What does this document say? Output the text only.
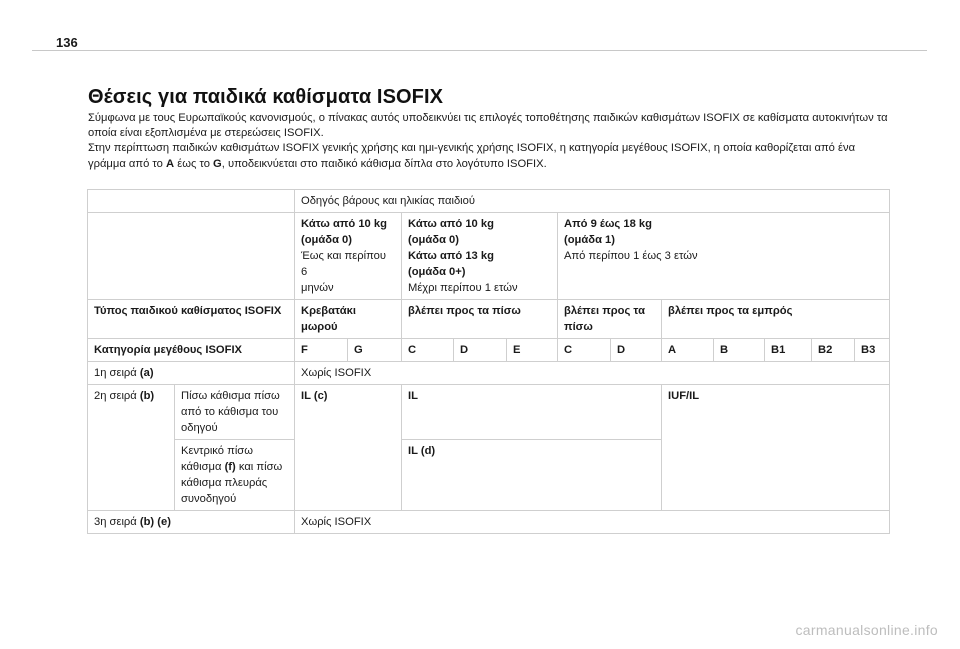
136
Θέσεις για παιδικά καθίσματα ISOFIX

Σύμφωνα με τους Ευρωπαϊκούς κανονισμούς, ο πίνακας αυτός υποδεικνύει τις επιλογές τοποθέτησης παιδικών καθισμάτων ISOFIX σε καθίσματα αυτοκινήτων τα οποία είναι εξοπλισμένα με στερεώσεις ISOFIX.

Στην περίπτωση παιδικών καθισμάτων ISOFIX γενικής χρήσης και ημι-γενικής χρήσης ISOFIX, η κατηγορία μεγέθους ISOFIX, η οποία καθορίζεται από ένα γράμμα από το A έως το G, υποδεικνύεται στο παιδικό κάθισμα δίπλα στο λογότυπο ISOFIX.

		Οδηγός βάρους και ηλικίας παιδιού											

		Κάτω από 10 kg
(ομάδα 0)
Έως και περίπου 6
μηνών		Κάτω από 10 kg
(ομάδα 0)
Κάτω από 13 kg
(ομάδα 0+)
Μέχρι περίπου 1 ετών			Από 9 έως 18 kg
(ομάδα 1)
Από περίπου 1 έως 3 ετών						

Τύπος παιδικού καθίσματος ISOFIX		Κρεβατάκι μωρού		βλέπει προς τα πίσω			βλέπει προς τα
πίσω		βλέπει προς τα εμπρός				
Κατηγορία μεγέθους ISOFIX		F	G	C	D	E	C	D	A	B	B1	B2	B3
1η σειρά (a)		Χωρίς ISOFIX											
2η σειρά (b)	Πίσω κάθισμα πίσω
από το κάθισμα του
οδηγού	IL (c)		IL					IUF/IL				

	Κεντρικό πίσω
κάθισμα (f) και πίσω
κάθισμα πλευράς
συνοδηγού			IL (d)									
3η σειρά (b) (e)		Χωρίς ISOFIX											
carmanualsonline.info
